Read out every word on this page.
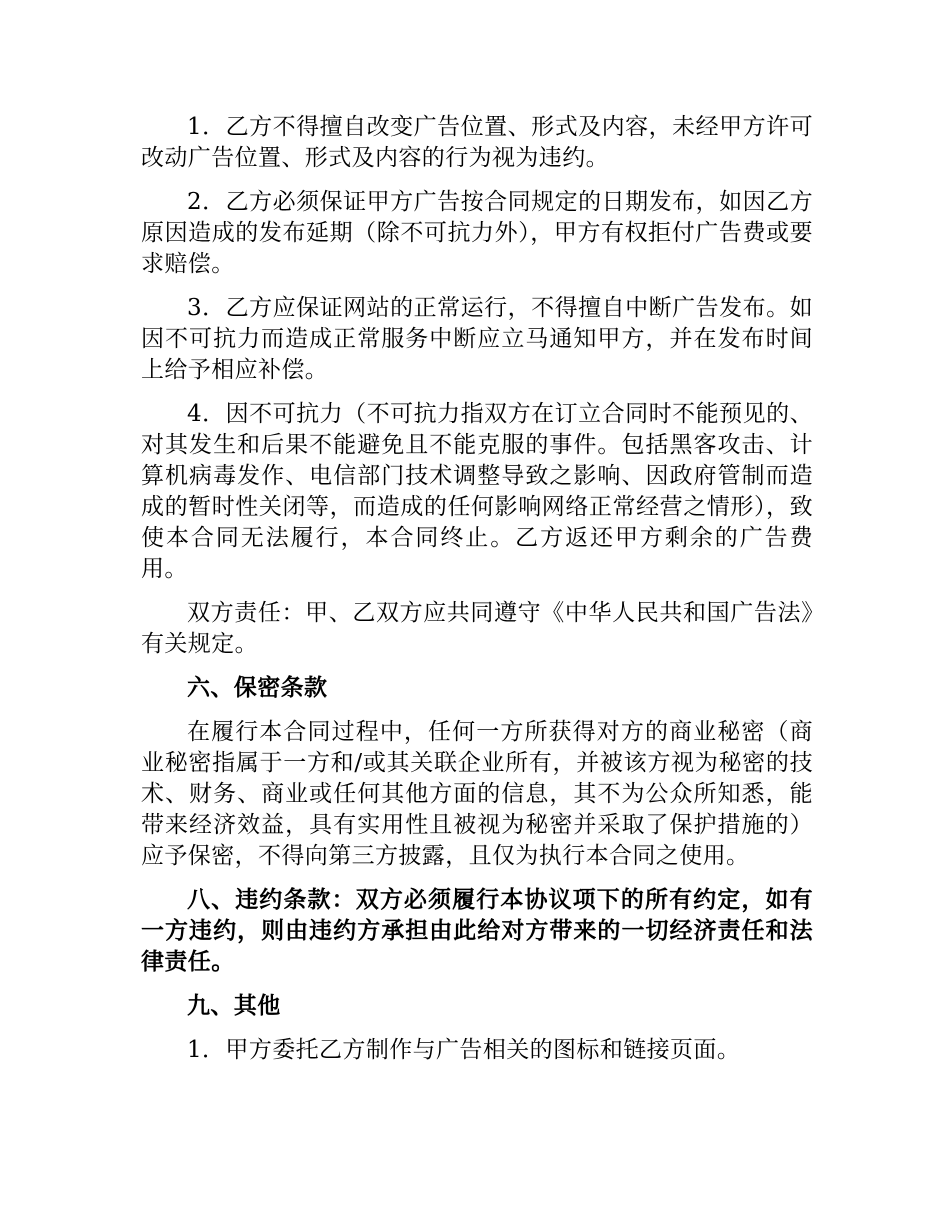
1．乙方不得擅自改变广告位置、形式及内容，未经甲方许可改动广告位置、形式及内容的行为视为违约。

2．乙方必须保证甲方广告按合同规定的日期发布，如因乙方原因造成的发布延期（除不可抗力外），甲方有权拒付广告费或要求赔偿。

3．乙方应保证网站的正常运行，不得擅自中断广告发布。如因不可抗力而造成正常服务中断应立马通知甲方，并在发布时间上给予相应补偿。

4．因不可抗力（不可抗力指双方在订立合同时不能预见的、对其发生和后果不能避免且不能克服的事件。包括黑客攻击、计算机病毒发作、电信部门技术调整导致之影响、因政府管制而造成的暂时性关闭等，而造成的任何影响网络正常经营之情形），致使本合同无法履行，本合同终止。乙方返还甲方剩余的广告费用。

双方责任：甲、乙双方应共同遵守《中华人民共和国广告法》有关规定。

六、保密条款

在履行本合同过程中，任何一方所获得对方的商业秘密（商业秘密指属于一方和/或其关联企业所有，并被该方视为秘密的技术、财务、商业或任何其他方面的信息，其不为公众所知悉，能带来经济效益，具有实用性且被视为秘密并采取了保护措施的）应予保密，不得向第三方披露，且仅为执行本合同之使用。

八、违约条款：双方必须履行本协议项下的所有约定，如有一方违约，则由违约方承担由此给对方带来的一切经济责任和法律责任。

九、其他

1．甲方委托乙方制作与广告相关的图标和链接页面。
